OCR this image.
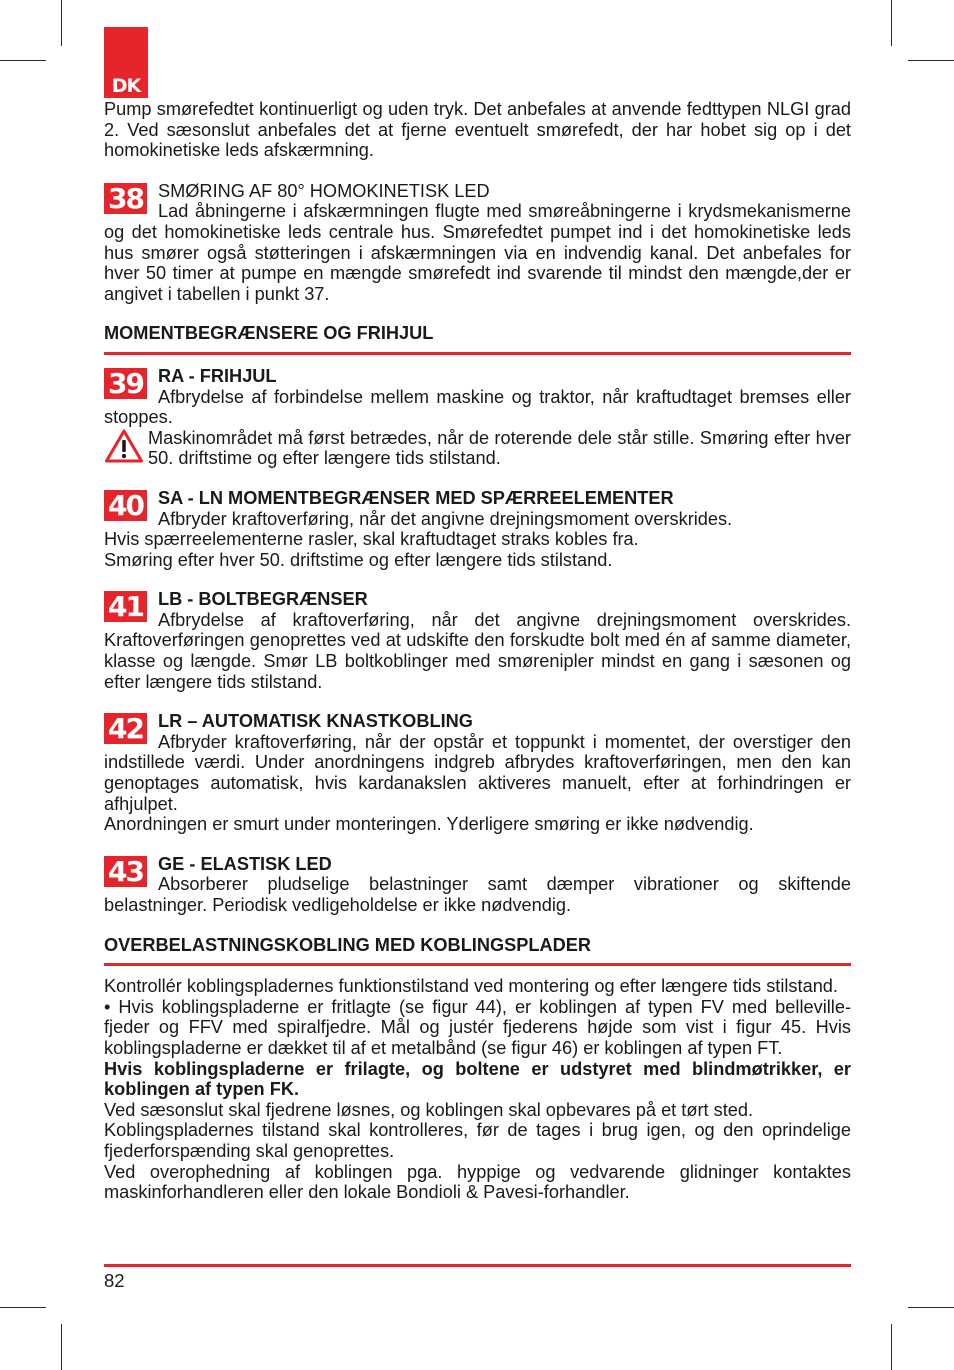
DK

Pump smørefedtet kontinuerligt og uden tryk. Det anbefales at anvende fedttypen NLGI grad 2. Ved sæsonslut anbefales det at fjerne eventuelt smørefedt, der har hobet sig op i det homokinetiske leds afskærmning.

38 SMØRING AF 80° HOMOKINETISK LED

Lad åbningerne i afskærmningen flugte med smøreåbningerne i krydsmekanismerne og det homokinetiske leds centrale hus. Smørefedtet pumpet ind i det homokinetiske leds hus smører også støtteringen i afskærmningen via en indvendig kanal. Det anbefales for hver 50 timer at pumpe en mængde smørefedt ind svarende til mindst den mængde,der er angivet i tabellen i punkt 37.

MOMENTBEGRÆNSERE OG FRIHJUL
39 RA - FRIHJUL

Afbrydelse af forbindelse mellem maskine og traktor, når kraftudtaget bremses eller stoppes.

Maskinområdet må først betrædes, når de roterende dele står stille. Smøring efter hver 50. driftstime og efter længere tids stilstand.

40 SA - LN MOMENTBEGRÆNSER MED SPÆRREELEMENTER

Afbryder kraftoverføring, når det angivne drejningsmoment overskrides.

Hvis spærreelementerne rasler, skal kraftudtaget straks kobles fra.

Smøring efter hver 50. driftstime og efter længere tids stilstand.

41 LB - BOLTBEGRÆNSER

Afbrydelse af kraftoverføring, når det angivne drejningsmoment overskrides. Kraftoverføringen genoprettes ved at udskifte den forskudte bolt med én af samme diameter, klasse og længde. Smør LB boltkoblinger med smørenipler mindst en gang i sæsonen og efter længere tids stilstand.

42 LR – AUTOMATISK KNASTKOBLING

Afbryder kraftoverføring, når der opstår et toppunkt i momentet, der overstiger den indstillede værdi. Under anordningens indgreb afbrydes kraftoverføringen, men den kan genoptages automatisk, hvis kardanakslen aktiveres manuelt, efter at forhindringen er afhjulpet.

Anordningen er smurt under monteringen. Yderligere smøring er ikke nødvendig.

43 GE - ELASTISK LED

Absorberer pludselige belastninger samt dæmper vibrationer og skiftende belastninger. Periodisk vedligeholdelse er ikke nødvendig.

OVERBELASTNINGSKOBLING MED KOBLINGSPLADER

Kontrollér koblingspladernes funktionstilstand ved montering og efter længere tids stilstand.

• Hvis koblingspladerne er fritlagte (se figur 44), er koblingen af typen FV med belleville-fjeder og FFV med spiralfjedre. Mål og justér fjederens højde som vist i figur 45. Hvis koblingspladerne er dækket til af et metalbånd (se figur 46) er koblingen af typen FT.

Hvis koblingspladerne er frilagte, og boltene er udstyret med blindmøtrikker, er koblingen af typen FK.

Ved sæsonslut skal fjedrene løsnes, og koblingen skal opbevares på et tørt sted.

Koblingspladernes tilstand skal kontrolleres, før de tages i brug igen, og den oprindelige fjederforspænding skal genoprettes.

Ved overophedning af koblingen pga. hyppige og vedvarende glidninger kontaktes maskinforhandleren eller den lokale Bondioli & Pavesi-forhandler.

82
